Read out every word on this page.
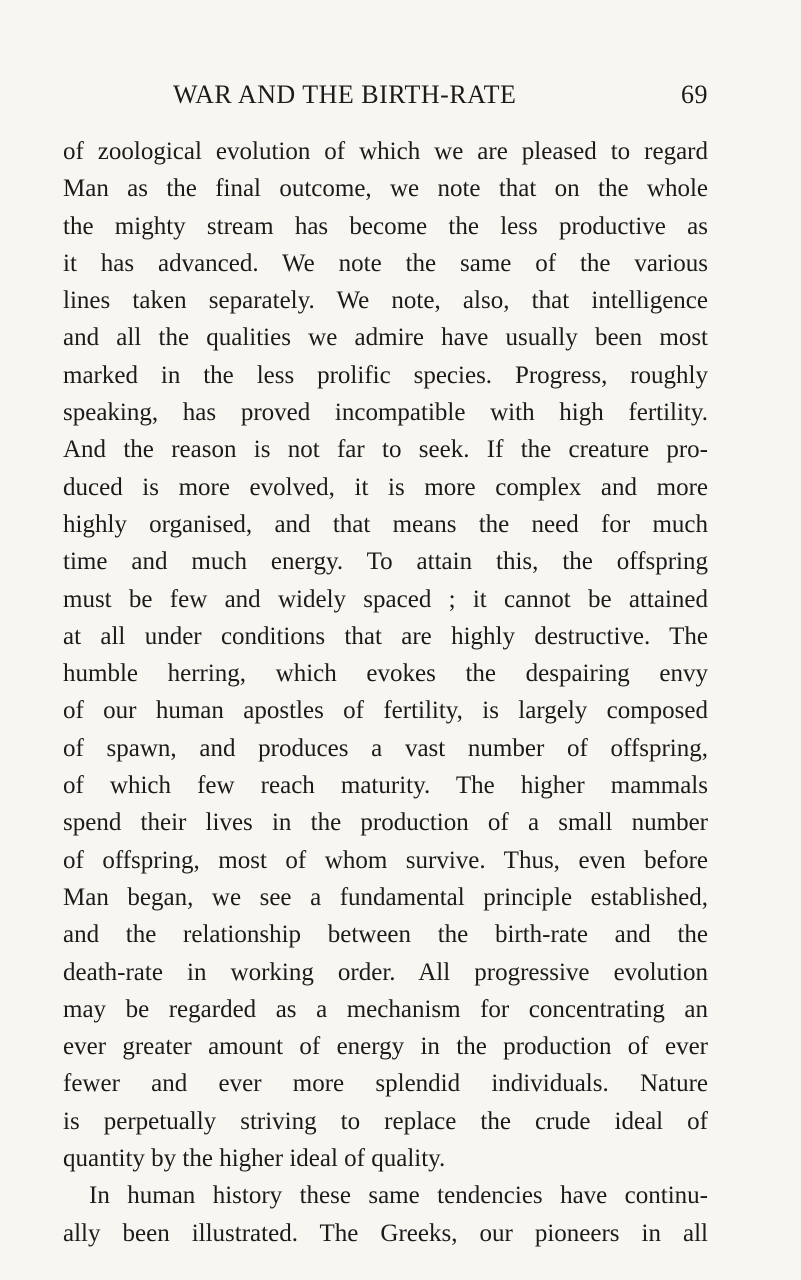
WAR AND THE BIRTH-RATE	69
of zoological evolution of which we are pleased to regard
Man as the final outcome, we note that on the whole
the mighty stream has become the less productive as
it has advanced. We note the same of the various
lines taken separately. We note, also, that intelligence
and all the qualities we admire have usually been most
marked in the less prolific species. Progress, roughly
speaking, has proved incompatible with high fertility.
And the reason is not far to seek. If the creature pro-
duced is more evolved, it is more complex and more
highly organised, and that means the need for much
time and much energy. To attain this, the offspring
must be few and widely spaced ; it cannot be attained
at all under conditions that are highly destructive. The
humble herring, which evokes the despairing envy
of our human apostles of fertility, is largely composed
of spawn, and produces a vast number of offspring,
of which few reach maturity. The higher mammals
spend their lives in the production of a small number
of offspring, most of whom survive. Thus, even before
Man began, we see a fundamental principle established,
and the relationship between the birth-rate and the
death-rate in working order. All progressive evolution
may be regarded as a mechanism for concentrating an
ever greater amount of energy in the production of ever
fewer and ever more splendid individuals. Nature
is perpetually striving to replace the crude ideal of
quantity by the higher ideal of quality.
In human history these same tendencies have continu-
ally been illustrated. The Greeks, our pioneers in all
